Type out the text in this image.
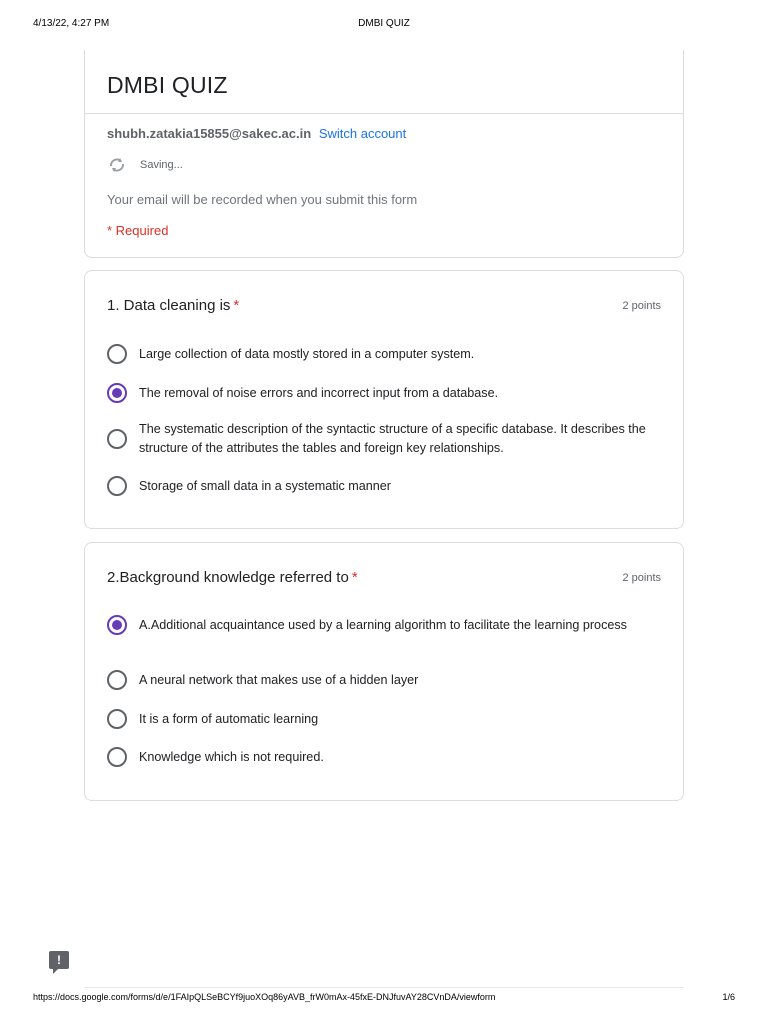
4/13/22, 4:27 PM	DMBI QUIZ
DMBI QUIZ
shubh.zatakia15855@sakec.ac.in Switch account
Saving...
Your email will be recorded when you submit this form
* Required
1. Data cleaning is *	2 points
Large collection of data mostly stored in a computer system.
The removal of noise errors and incorrect input from a database.
The systematic description of the syntactic structure of a specific database. It describes the structure of the attributes the tables and foreign key relationships.
Storage of small data in a systematic manner
2.Background knowledge referred to *	2 points
A.Additional acquaintance used by a learning algorithm to facilitate the learning process
A neural network that makes use of a hidden layer
It is a form of automatic learning
Knowledge which is not required.
!
https://docs.google.com/forms/d/e/1FAIpQLSeBCYf9juoXOq86yAVB_frW0mAx-45fxE-DNJfuvAY28CVnDA/viewform	1/6
